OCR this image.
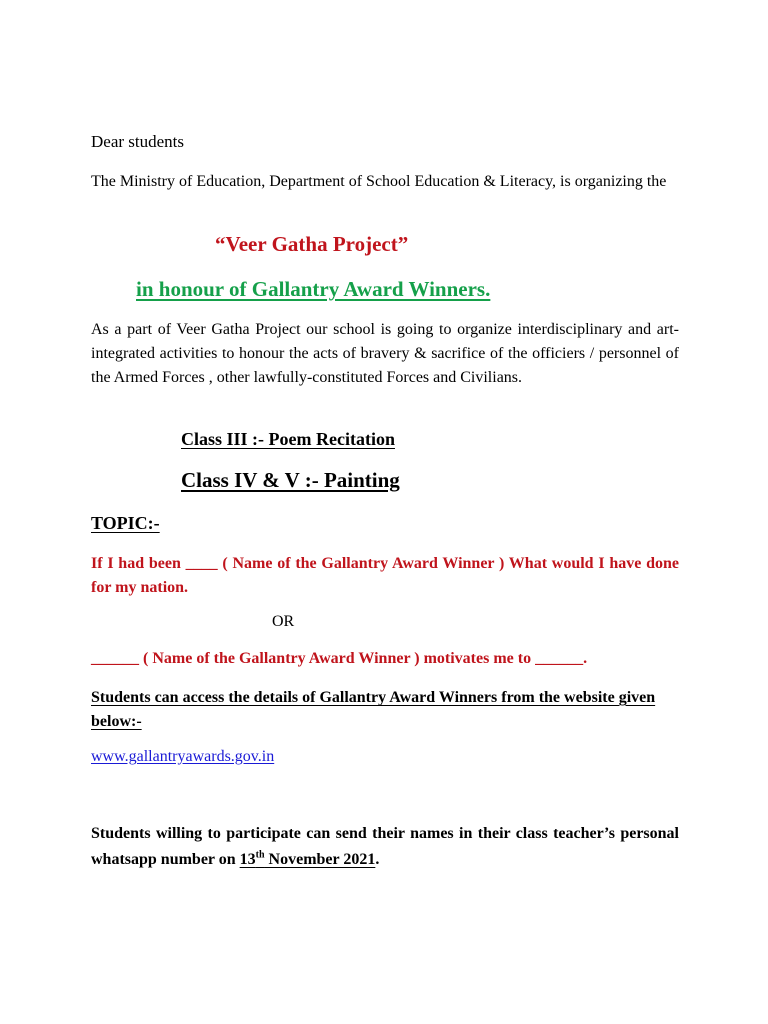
Dear students
The Ministry of Education, Department of School Education & Literacy, is organizing the
“Veer Gatha Project”
in honour of Gallantry Award Winners.
As a part of Veer Gatha Project our school is going to organize interdisciplinary and art- integrated activities to honour the acts of bravery & sacrifice of the officiers / personnel of the Armed Forces , other lawfully-constituted Forces and Civilians.
Class III :- Poem Recitation
Class IV & V :- Painting
TOPIC:-
If I had been ____ ( Name of the Gallantry Award Winner ) What would I have done for my nation.
OR
______ ( Name of the Gallantry Award Winner ) motivates me to ______.
Students can access the details of Gallantry Award Winners from the website given below:-
www.gallantryawards.gov.in
Students willing to participate can send their names in their class teacher’s personal whatsapp number on 13th November 2021.
